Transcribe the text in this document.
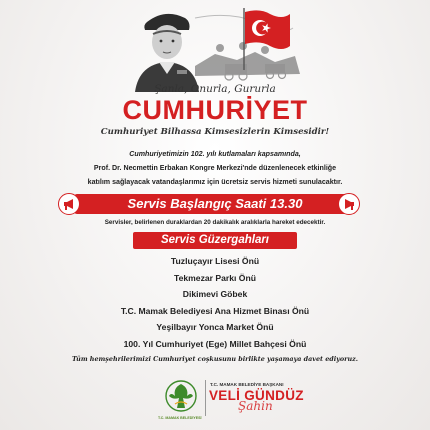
Şanla, Onurla, Gururla
CUMHURİYET
Cumhuriyet Bilhassa Kimsesizlerin Kimsesidir!
Cumhuriyetimizin 102. yılı kutlamaları kapsamında,
Prof. Dr. Necmettin Erbakan Kongre Merkezi'nde düzenlenecek etkinliğe
katılım sağlayacak vatandaşlarımız için ücretsiz servis hizmeti sunulacaktır.
Servis Başlangıç Saati 13.30
Servisler, belirlenen duraklardan 20 dakikalık aralıklarla hareket edecektir.
Servis Güzergahları
Tuzluçayır Lisesi Önü
Tekmezar Parkı Önü
Dikimevi Göbek
T.C. Mamak Belediyesi Ana Hizmet Binası Önü
Yeşilbayır Yonca Market Önü
100. Yıl Cumhuriyet (Ege) Millet Bahçesi Önü
Tüm hemşehrilerimizi Cumhuriyet coşkusunu birlikte yaşamaya davet ediyoruz.
T.C. MAMAK BELEDİYESİ
T.C. MAMAK BELEDİYE BAŞKANI
VELİ GÜNDÜZ
Şahin
